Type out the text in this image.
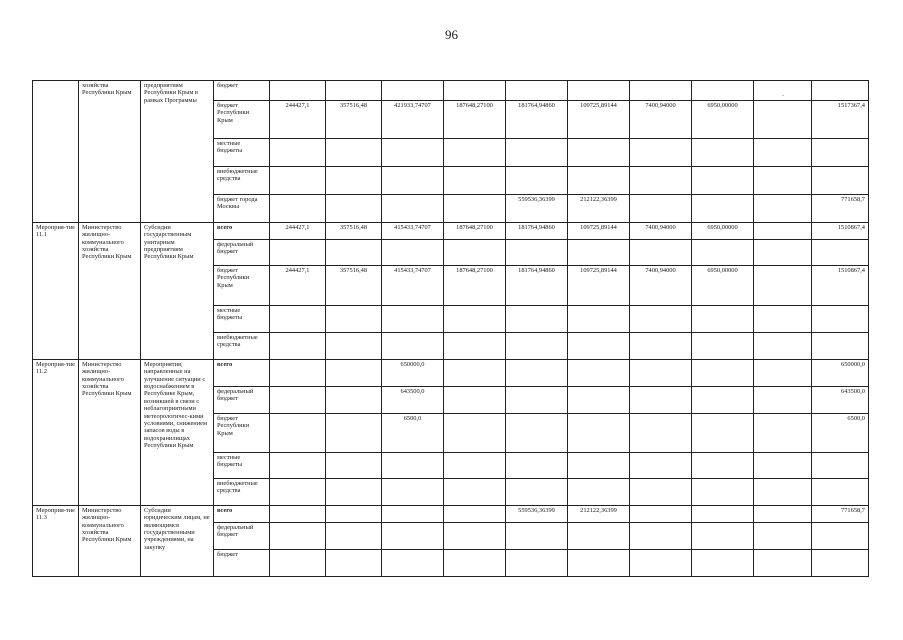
96
.
	хозяйства Республики Крым	предприятиям Республики Крым в рамках Программы	бюджет										
			бюджет Республики Крым	244427,1	357516,48	421933,74707	187648,27100	181764,94860	109725,89144	7400,94000	6950,00000		1517367,4
			местные бюджеты										
			внебюджетные средства										
			бюджет города Москвы					559536,36399	212122,36399				771658,7
Мероприя-тие 11.1	Министерство жилищно-коммунального хозяйства Республики Крым	Субсидии государственным унитарным предприятиям Республики Крым	всего	244427,1	357516,48	415433,74707	187648,27100	181764,94860	109725,89144	7400,94000	6950,00000		1510867,4
			федеральный бюджет										
			бюджет Республики Крым	244427,1	357516,48	415433,74707	187648,27100	181764,94860	109725,89144	7400,94000	6950,00000		1510867,4
			местные бюджеты										
			внебюджетные средства										
Мероприя-тие 11.2	Министерство жилищно-коммунального хозяйства Республики Крым	Мероприятия, направленные на улучшение ситуации с водоснабжением в Республике Крым, возникшей в связи с неблагоприятными метеорологичес-кими условиями, снижением запасов воды в водохранилищах Республики Крым	всего			650000,0							650000,0
			федеральный бюджет			643500,0							643500,0
			бюджет Республики Крым			6500,0							6500,0
			местные бюджеты										
			внебюджетные средства										
Мероприя-тие 11.3	Министерство жилищно-коммунального хозяйства Республики Крым	Субсидии юридическим лицам, не являющимся государственными учреждениями, на закупку	всего					559536,36399	212122,36399				771658,7
			федеральный бюджет										
			бюджет										
